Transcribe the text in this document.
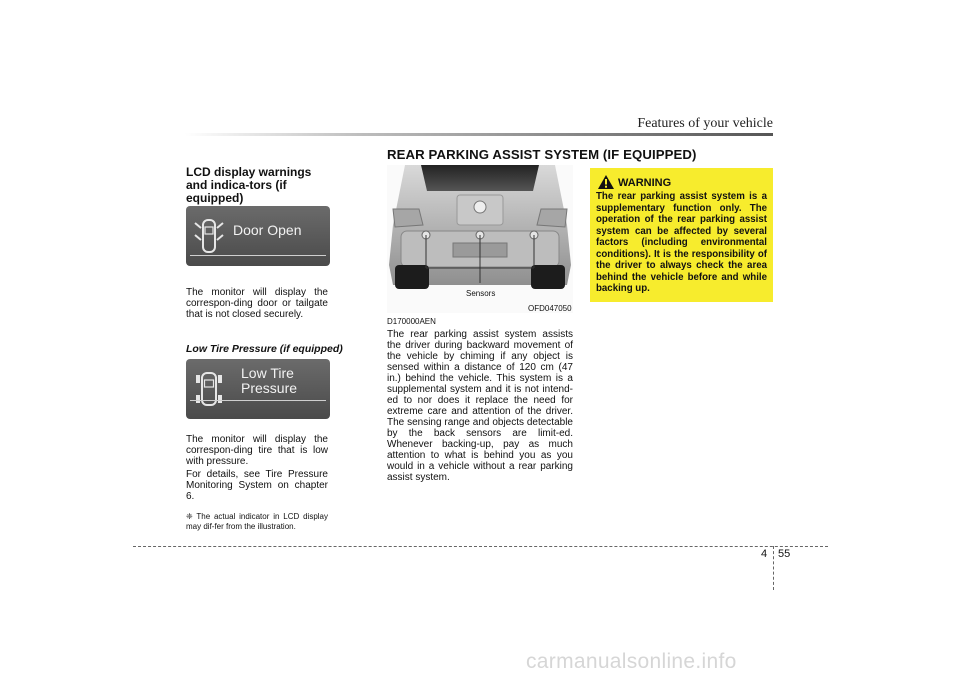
Features of your vehicle
REAR PARKING ASSIST SYSTEM (IF EQUIPPED)

LCD display warnings and indica-tors (if equipped)

Door Open

The monitor will display the correspon-ding door or tailgate that is not closed securely.

Low Tire Pressure (if equipped)

Low Tire
Pressure

The monitor will display the correspon-ding tire that is low with pressure.

For details, see Tire Pressure Monitoring System on chapter 6.

❈ The actual indicator in LCD display may dif-fer from the illustration.

Sensors
OFD047050
D170000AEN

The rear parking assist system assists the driver during backward movement of the vehicle by chiming if any object is sensed within a distance of 120 cm (47 in.) behind the vehicle. This system is a supplemental system and it is not intend-ed to nor does it replace the need for extreme care and attention of the driver. The sensing range and objects detectable by the back sensors are limit-ed. Whenever backing-up, pay as much attention to what is behind you as you would in a vehicle without a rear parking assist system.

WARNING
The rear parking assist system is a supplementary function only. The operation of the rear parking assist system can be affected by several factors (including environmental conditions). It is the responsibility of the driver to always check the area behind the vehicle before and while backing up.
4 55
carmanualsonline.info
